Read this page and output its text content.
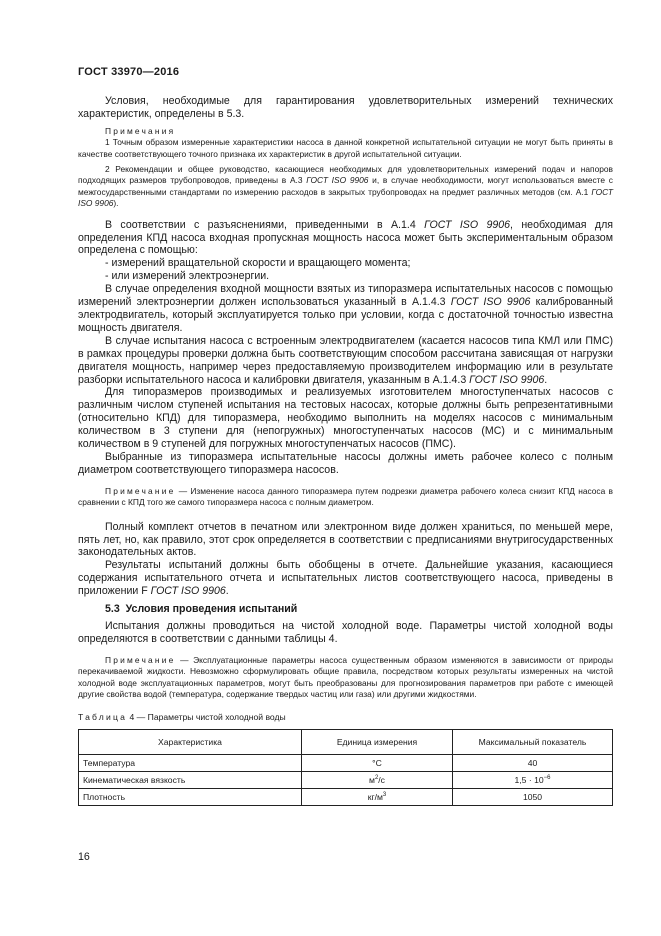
ГОСТ 33970—2016

Условия, необходимые для гарантирования удовлетворительных измерений технических характеристик, определены в 5.3.

Примечания

1 Точным образом измеренные характеристики насоса в данной конкретной испытательной ситуации не могут быть приняты в качестве соответствующего точного признака их характеристик в другой испытательной ситуации.

2 Рекомендации и общее руководство, касающиеся необходимых для удовлетворительных измерений подач и напоров подходящих размеров трубопроводов, приведены в А.3 ГОСТ ISO 9906 и, в случае необходимости, могут использоваться вместе с межгосударственными стандартами по измерению расходов в закрытых трубопроводах на предмет различных методов (см. А.1 ГОСТ ISO 9906).

В соответствии с разъяснениями, приведенными в А.1.4 ГОСТ ISO 9906, необходимая для определения КПД насоса входная пропускная мощность насоса может быть экспериментальным образом определена с помощью:

- измерений вращательной скорости и вращающего момента;

- или измерений электроэнергии.

В случае определения входной мощности взятых из типоразмера испытательных насосов с помощью измерений электроэнергии должен использоваться указанный в А.1.4.3 ГОСТ ISO 9906 калиброванный электродвигатель, который эксплуатируется только при условии, когда с достаточной точностью известна мощность двигателя.

В случае испытания насоса с встроенным электродвигателем (касается насосов типа КМЛ или ПМС) в рамках процедуры проверки должна быть соответствующим способом рассчитана зависящая от нагрузки двигателя мощность, например через предоставляемую производителем информацию или в результате разборки испытательного насоса и калибровки двигателя, указанным в А.1.4.3 ГОСТ ISO 9906.

Для типоразмеров производимых и реализуемых изготовителем многоступенчатых насосов с различным числом ступеней испытания на тестовых насосах, которые должны быть репрезентативными (относительно КПД) для типоразмера, необходимо выполнить на моделях насосов с минимальным количеством в 3 ступени для (непогружных) многоступенчатых насосов (МС) и с минимальным количеством в 9 ступеней для погружных многоступенчатых насосов (ПМС).

Выбранные из типоразмера испытательные насосы должны иметь рабочее колесо с полным диаметром соответствующего типоразмера насосов.

Примечание — Изменение насоса данного типоразмера путем подрезки диаметра рабочего колеса снизит КПД насоса в сравнении с КПД того же самого типоразмера насоса с полным диаметром.

Полный комплект отчетов в печатном или электронном виде должен храниться, по меньшей мере, пять лет, но, как правило, этот срок определяется в соответствии с предписаниями внутригосударственных законодательных актов.

Результаты испытаний должны быть обобщены в отчете. Дальнейшие указания, касающиеся содержания испытательного отчета и испытательных листов соответствующего насоса, приведены в приложении F ГОСТ ISO 9906.

5.3 Условия проведения испытаний

Испытания должны проводиться на чистой холодной воде. Параметры чистой холодной воды определяются в соответствии с данными таблицы 4.

Примечание — Эксплуатационные параметры насоса существенным образом изменяются в зависимости от природы перекачиваемой жидкости. Невозможно сформулировать общие правила, посредством которых результаты измеренных на чистой холодной воде эксплуатационных параметров, могут быть преобразованы для прогнозирования параметров при работе с имеющей другие свойства водой (температура, содержание твердых частиц или газа) или другими жидкостями.

Таблица 4 — Параметры чистой холодной воды

Характеристика	Единица измерения	Максимальный показатель
Температура	°C	40
Кинематическая вязкость	$м^2/с$	$1,5 \cdot 10^{-6}$
Плотность	$кг/м^3$	1050
16
